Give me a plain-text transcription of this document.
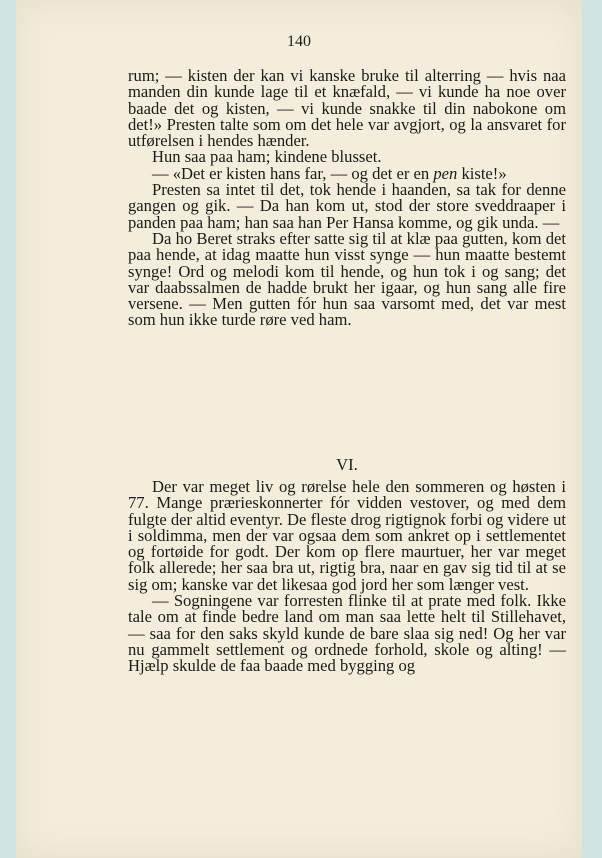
140

rum; — kisten der kan vi kanske bruke til alterring — hvis naa manden din kunde lage til et knæfald, — vi kunde ha noe over baade det og kisten, — vi kunde snakke til din nabokone om det!» Presten talte som om det hele var avgjort, og la ansvaret for utførelsen i hendes hænder.

Hun saa paa ham; kindene blusset.

— «Det er kisten hans far, — og det er en pen kiste!»

Presten sa intet til det, tok hende i haanden, sa tak for denne gangen og gik. — Da han kom ut, stod der store sveddraaper i panden paa ham; han saa han Per Hansa komme, og gik unda. —

Da ho Beret straks efter satte sig til at klæ paa gutten, kom det paa hende, at idag maatte hun visst synge — hun maatte bestemt synge! Ord og melodi kom til hende, og hun tok i og sang; det var daabssalmen de hadde brukt her igaar, og hun sang alle fire versene. — Men gutten fór hun saa varsomt med, det var mest som hun ikke turde røre ved ham.

VI.

Der var meget liv og rørelse hele den sommeren og høsten i 77. Mange prærieskonnerter fór vidden vestover, og med dem fulgte der altid eventyr. De fleste drog rigtignok forbi og videre ut i soldimma, men der var ogsaa dem som ankret op i settlementet og fortøide for godt. Der kom op flere maurtuer, her var meget folk allerede; her saa bra ut, rigtig bra, naar en gav sig tid til at se sig om; kanske var det likesaa god jord her som længer vest.

— Sogningene var forresten flinke til at prate med folk. Ikke tale om at finde bedre land om man saa lette helt til Stillehavet, — saa for den saks skyld kunde de bare slaa sig ned! Og her var nu gammelt settlement og ordnede forhold, skole og alting! — Hjælp skulde de faa baade med bygging og
